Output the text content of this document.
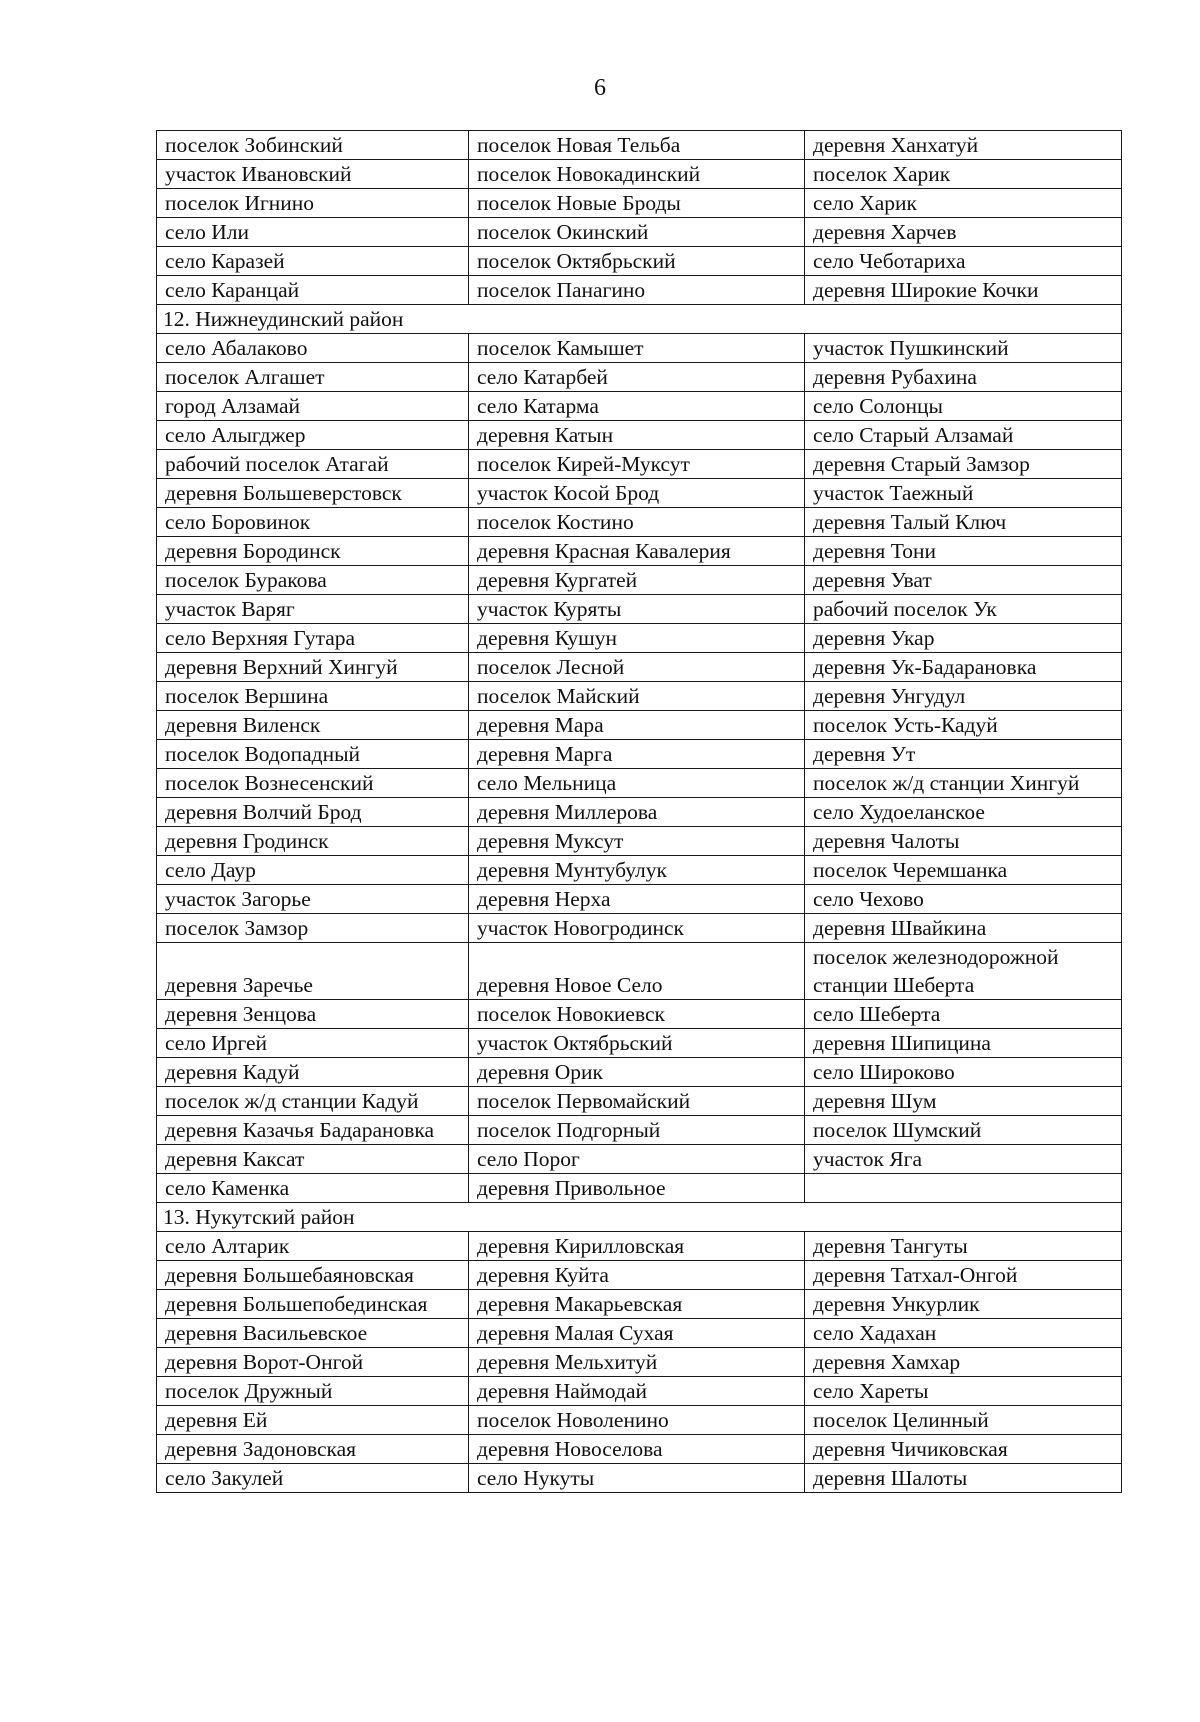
6
поселок Зобинский	поселок Новая Тельба	деревня Ханхатуй
участок Ивановский	поселок Новокадинский	поселок Харик
поселок Игнино	поселок Новые Броды	село Харик
село Или	поселок Окинский	деревня Харчев
село Каразей	поселок Октябрьский	село Чеботариха
село Каранцай	поселок Панагино	деревня Широкие Кочки
12. Нижнеудинский район		
село Абалаково	поселок Камышет	участок Пушкинский
поселок Алгашет	село Катарбей	деревня Рубахина
город Алзамай	село Катарма	село Солонцы
село Алыгджер	деревня Катын	село Старый Алзамай
рабочий поселок Атагай	поселок Кирей-Муксут	деревня Старый Замзор
деревня Большеверстовск	участок Косой Брод	участок Таежный
село Боровинок	поселок Костино	деревня Талый Ключ
деревня Бородинск	деревня Красная Кавалерия	деревня Тони
поселок Буракова	деревня Кургатей	деревня Уват
участок Варяг	участок Куряты	рабочий поселок Ук
село Верхняя Гутара	деревня Кушун	деревня Укар
деревня Верхний Хингуй	поселок Лесной	деревня Ук-Бадарановка
поселок Вершина	поселок Майский	деревня Унгудул
деревня Виленск	деревня Мара	поселок Усть-Кадуй
поселок Водопадный	деревня Марга	деревня Ут
поселок Вознесенский	село Мельница	поселок ж/д станции Хингуй
деревня Волчий Брод	деревня Миллерова	село Худоеланское
деревня Гродинск	деревня Муксут	деревня Чалоты
село Даур	деревня Мунтубулук	поселок Черемшанка
участок Загорье	деревня Нерха	село Чехово
поселок Замзор	участок Новогродинск	деревня Швайкина
деревня Заречье	деревня Новое Село	поселок железнодорожной станции Шеберта
деревня Зенцова	поселок Новокиевск	село Шеберта
село Иргей	участок Октябрьский	деревня Шипицина
деревня Кадуй	деревня Орик	село Широково
поселок ж/д станции Кадуй	поселок Первомайский	деревня Шум
деревня Казачья Бадарановка	поселок Подгорный	поселок Шумский
деревня Каксат	село Порог	участок Яга
село Каменка	деревня Привольное	
13. Нукутский район		
село Алтарик	деревня Кирилловская	деревня Тангуты
деревня Большебаяновская	деревня Куйта	деревня Татхал-Онгой
деревня Большепобединская	деревня Макарьевская	деревня Ункурлик
деревня Васильевское	деревня Малая Сухая	село Хадахан
деревня Ворот-Онгой	деревня Мельхитуй	деревня Хамхар
поселок Дружный	деревня Наймодай	село Хареты
деревня Ей	поселок Новоленино	поселок Целинный
деревня Задоновская	деревня Новоселова	деревня Чичиковская
село Закулей	село Нукуты	деревня Шалоты
